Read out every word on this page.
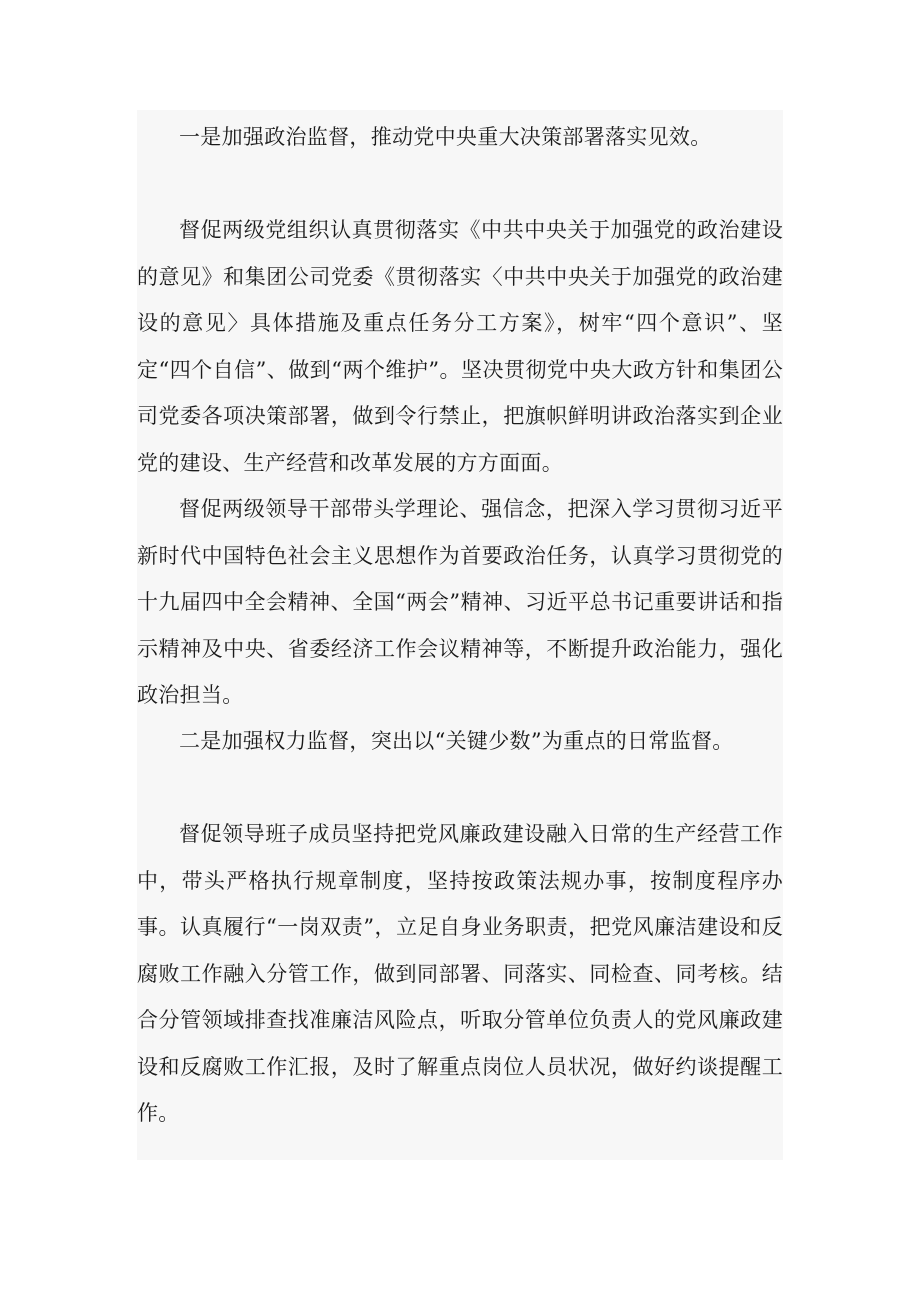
一是加强政治监督，推动党中央重大决策部署落实见效。

督促两级党组织认真贯彻落实《中共中央关于加强党的政治建设的意见》和集团公司党委《贯彻落实〈中共中央关于加强党的政治建设的意见〉具体措施及重点任务分工方案》，树牢“四个意识”、坚定“四个自信”、做到“两个维护”。坚决贯彻党中央大政方针和集团公司党委各项决策部署，做到令行禁止，把旗帜鲜明讲政治落实到企业党的建设、生产经营和改革发展的方方面面。

督促两级领导干部带头学理论、强信念，把深入学习贯彻习近平新时代中国特色社会主义思想作为首要政治任务，认真学习贯彻党的十九届四中全会精神、全国“两会”精神、习近平总书记重要讲话和指示精神及中央、省委经济工作会议精神等，不断提升政治能力，强化政治担当。

二是加强权力监督，突出以“关键少数”为重点的日常监督。

督促领导班子成员坚持把党风廉政建设融入日常的生产经营工作中，带头严格执行规章制度，坚持按政策法规办事，按制度程序办事。认真履行“一岗双责”，立足自身业务职责，把党风廉洁建设和反腐败工作融入分管工作，做到同部署、同落实、同检查、同考核。结合分管领域排查找准廉洁风险点，听取分管单位负责人的党风廉政建设和反腐败工作汇报，及时了解重点岗位人员状况，做好约谈提醒工作。
